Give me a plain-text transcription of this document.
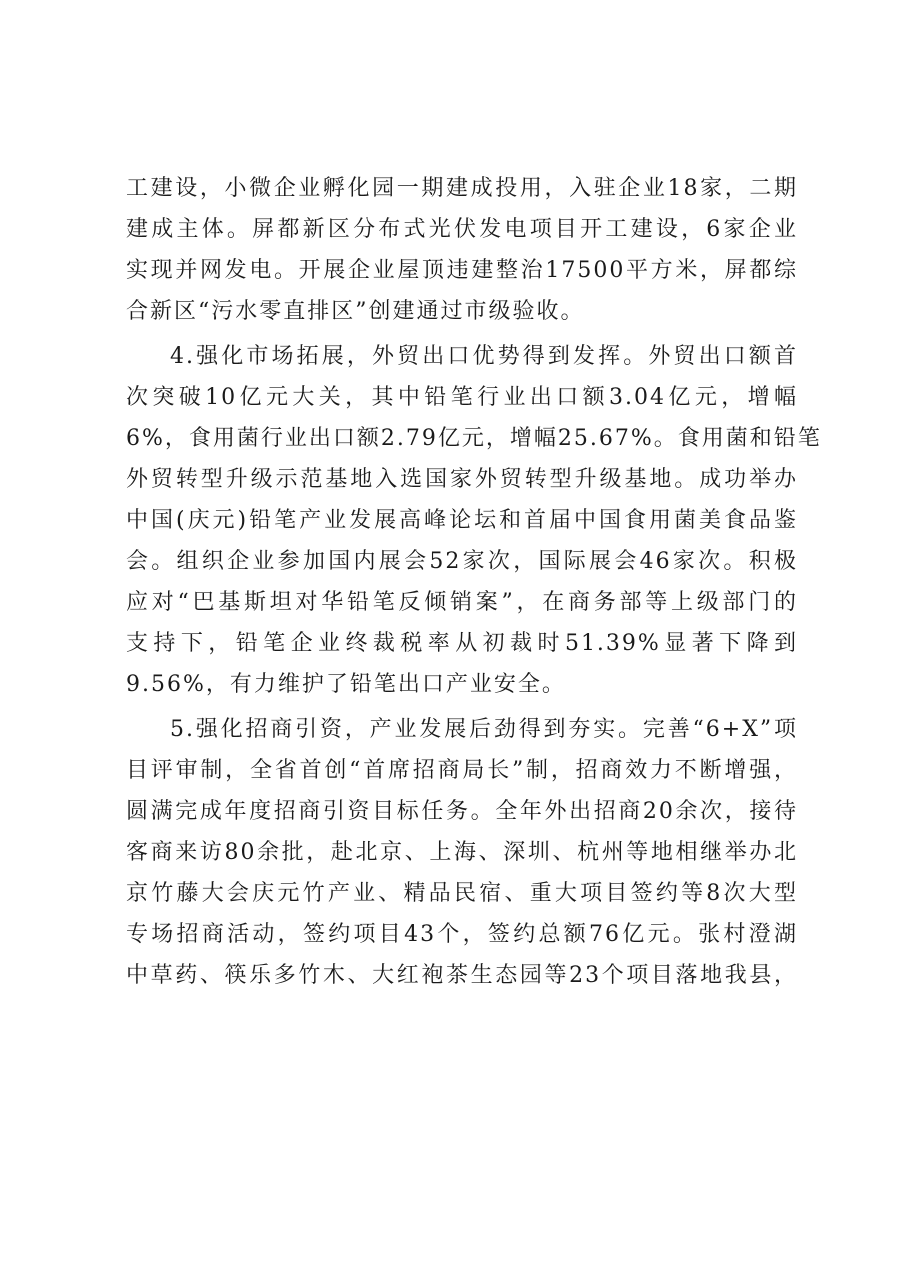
工建设，小微企业孵化园一期建成投用，入驻企业18家，二期
建成主体。屏都新区分布式光伏发电项目开工建设，6家企业
实现并网发电。开展企业屋顶违建整治17500平方米，屏都综
合新区“污水零直排区”创建通过市级验收。
4.强化市场拓展，外贸出口优势得到发挥。外贸出口额首
次突破10亿元大关，其中铅笔行业出口额3.04亿元，增幅
6%，食用菌行业出口额2.79亿元，增幅25.67%。食用菌和铅笔
外贸转型升级示范基地入选国家外贸转型升级基地。成功举办
中国(庆元)铅笔产业发展高峰论坛和首届中国食用菌美食品鉴
会。组织企业参加国内展会52家次，国际展会46家次。积极
应对“巴基斯坦对华铅笔反倾销案”，在商务部等上级部门的
支持下，铅笔企业终裁税率从初裁时51.39%显著下降到
9.56%，有力维护了铅笔出口产业安全。
5.强化招商引资，产业发展后劲得到夯实。完善“6+X”项
目评审制，全省首创“首席招商局长”制，招商效力不断增强，
圆满完成年度招商引资目标任务。全年外出招商20余次，接待
客商来访80余批，赴北京、上海、深圳、杭州等地相继举办北
京竹藤大会庆元竹产业、精品民宿、重大项目签约等8次大型
专场招商活动，签约项目43个，签约总额76亿元。张村澄湖
中草药、筷乐多竹木、大红袍茶生态园等23个项目落地我县，
